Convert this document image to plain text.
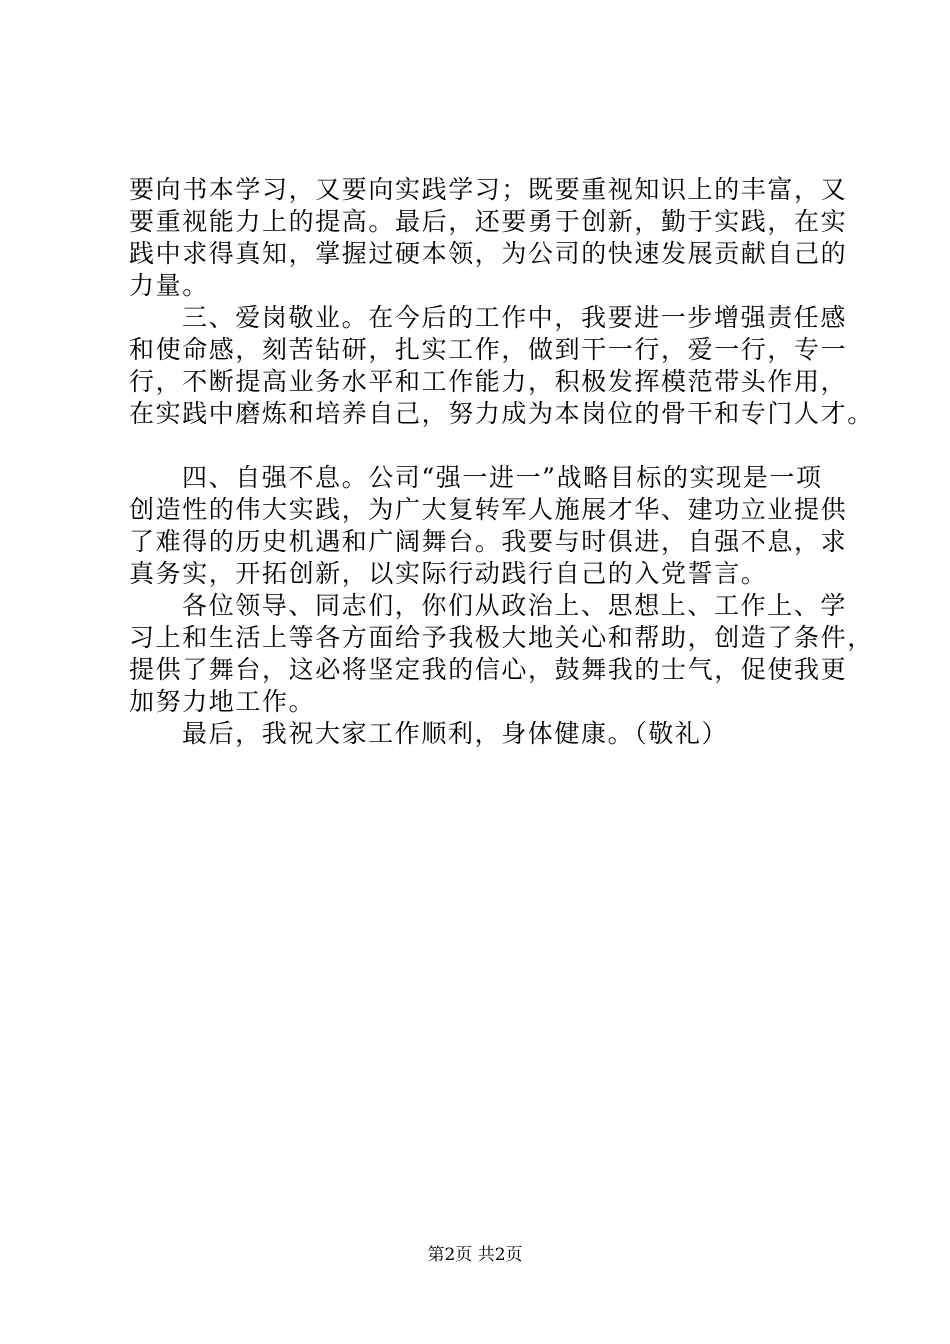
要向书本学习，又要向实践学习；既要重视知识上的丰富，又
要重视能力上的提高。最后，还要勇于创新，勤于实践，在实
践中求得真知，掌握过硬本领，为公司的快速发展贡献自己的
力量。
三、爱岗敬业。在今后的工作中，我要进一步增强责任感
和使命感，刻苦钻研，扎实工作，做到干一行，爱一行，专一
行，不断提高业务水平和工作能力，积极发挥模范带头作用，
在实践中磨炼和培养自己，努力成为本岗位的骨干和专门人才。
四、自强不息。公司“强一进一”战略目标的实现是一项
创造性的伟大实践，为广大复转军人施展才华、建功立业提供
了难得的历史机遇和广阔舞台。我要与时俱进，自强不息，求
真务实，开拓创新，以实际行动践行自己的入党誓言。
各位领导、同志们，你们从政治上、思想上、工作上、学
习上和生活上等各方面给予我极大地关心和帮助，创造了条件，
提供了舞台，这必将坚定我的信心，鼓舞我的士气，促使我更
加努力地工作。
最后，我祝大家工作顺利，身体健康。（敬礼）
第2页 共2页
